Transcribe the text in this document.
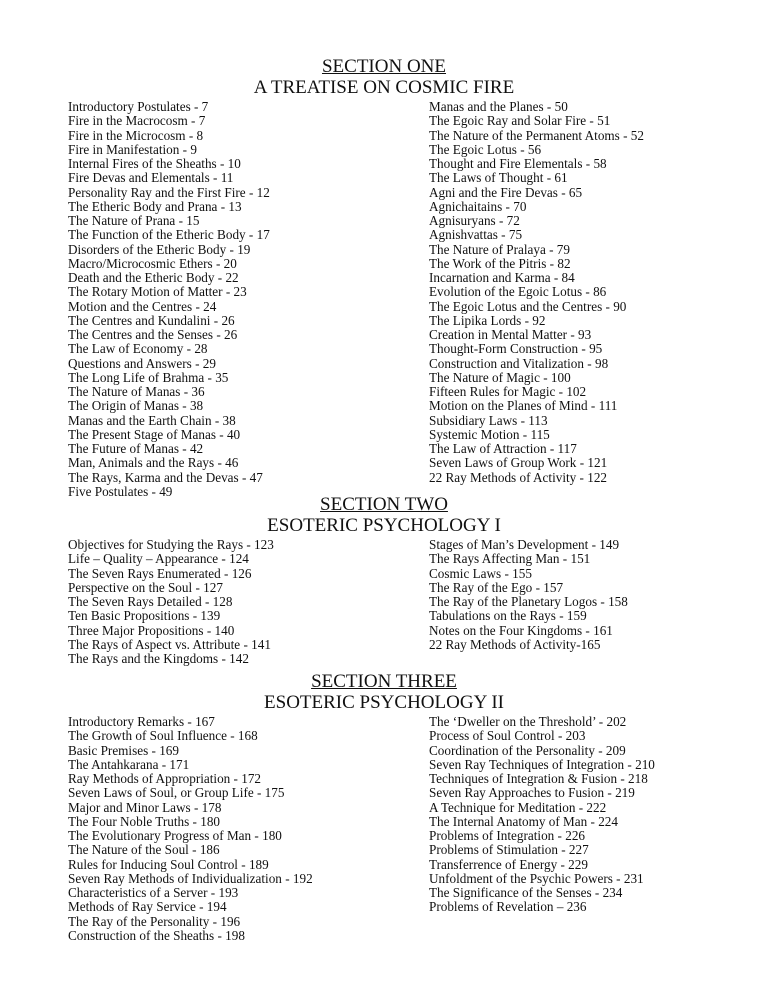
SECTION ONE
A TREATISE ON COSMIC FIRE
Introductory Postulates - 7
Fire in the Macrocosm - 7
Fire in the Microcosm - 8
Fire in Manifestation - 9
Internal Fires of the Sheaths - 10
Fire Devas and Elementals - 11
Personality Ray and the First Fire - 12
The Etheric Body and Prana - 13
The Nature of Prana - 15
The Function of the Etheric Body - 17
Disorders of the Etheric Body - 19
Macro/Microcosmic Ethers - 20
Death and the Etheric Body - 22
The Rotary Motion of Matter - 23
Motion and the Centres - 24
The Centres and Kundalini - 26
The Centres and the Senses - 26
The Law of Economy - 28
Questions and Answers - 29
The Long Life of Brahma - 35
The Nature of Manas - 36
The Origin of Manas - 38
Manas and the Earth Chain - 38
The Present Stage of Manas - 40
The Future of Manas - 42
Man, Animals and the Rays - 46
The Rays, Karma and the Devas - 47
Five Postulates - 49
Manas and the Planes - 50
The Egoic Ray and Solar Fire - 51
The Nature of the Permanent Atoms - 52
The Egoic Lotus - 56
Thought and Fire Elementals - 58
The Laws of Thought - 61
Agni and the Fire Devas - 65
Agnichaitains - 70
Agnisuryans - 72
Agnishvattas - 75
The Nature of Pralaya - 79
The Work of the Pitris - 82
Incarnation and Karma - 84
Evolution of the Egoic Lotus - 86
The Egoic Lotus and the Centres - 90
The Lipika Lords - 92
Creation in Mental Matter - 93
Thought-Form Construction - 95
Construction and Vitalization - 98
The Nature of Magic - 100
Fifteen Rules for Magic - 102
Motion on the Planes of Mind - 111
Subsidiary Laws - 113
Systemic Motion - 115
The Law of Attraction - 117
Seven Laws of Group Work - 121
22 Ray Methods of Activity - 122
SECTION TWO
ESOTERIC PSYCHOLOGY I
Objectives for Studying the Rays - 123
Life – Quality – Appearance - 124
The Seven Rays Enumerated - 126
Perspective on the Soul - 127
The Seven Rays Detailed - 128
Ten Basic Propositions - 139
Three Major Propositions - 140
The Rays of Aspect vs. Attribute - 141
The Rays and the Kingdoms - 142
Stages of Man’s Development - 149
The Rays Affecting Man - 151
Cosmic Laws - 155
The Ray of the Ego - 157
The Ray of the Planetary Logos - 158
Tabulations on the Rays - 159
Notes on the Four Kingdoms - 161
22 Ray Methods of Activity-165
SECTION THREE
ESOTERIC PSYCHOLOGY II
Introductory Remarks - 167
The Growth of Soul Influence - 168
Basic Premises - 169
The Antahkarana - 171
Ray Methods of Appropriation - 172
Seven Laws of Soul, or Group Life - 175
Major and Minor Laws - 178
The Four Noble Truths - 180
The Evolutionary Progress of Man - 180
The Nature of the Soul - 186
Rules for Inducing Soul Control - 189
Seven Ray Methods of Individualization - 192
Characteristics of a Server - 193
Methods of Ray Service - 194
The Ray of the Personality - 196
Construction of the Sheaths - 198
The ‘Dweller on the Threshold’ - 202
Process of Soul Control - 203
Coordination of the Personality - 209
Seven Ray Techniques of Integration - 210
Techniques of Integration & Fusion - 218
Seven Ray Approaches to Fusion - 219
A Technique for Meditation - 222
The Internal Anatomy of Man - 224
Problems of Integration - 226
Problems of Stimulation - 227
Transferrence of Energy - 229
Unfoldment of the Psychic Powers - 231
The Significance of the Senses - 234
Problems of Revelation – 236
